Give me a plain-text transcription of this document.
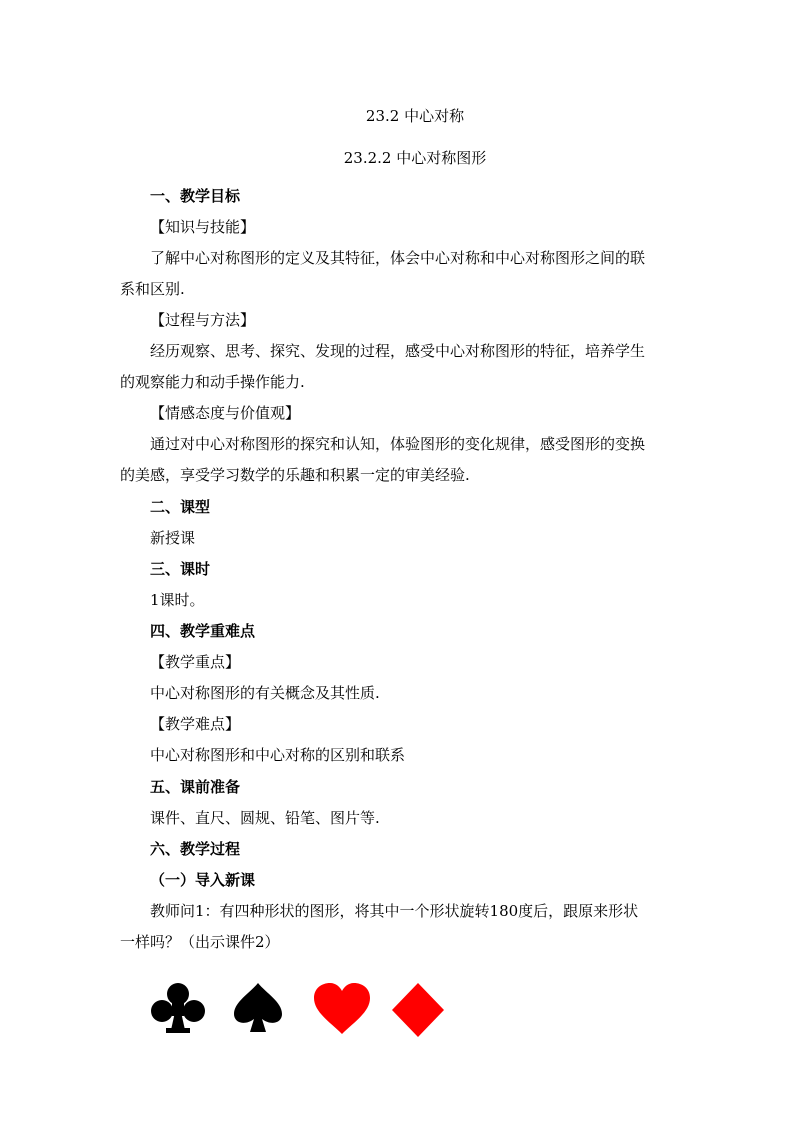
23.2 中心对称
23.2.2 中心对称图形
一、教学目标
【知识与技能】
了解中心对称图形的定义及其特征，体会中心对称和中心对称图形之间的联
系和区别.
【过程与方法】
经历观察、思考、探究、发现的过程，感受中心对称图形的特征，培养学生
的观察能力和动手操作能力.
【情感态度与价值观】
通过对中心对称图形的探究和认知，体验图形的变化规律，感受图形的变换
的美感，享受学习数学的乐趣和积累一定的审美经验.
二、课型
新授课
三、课时
1课时。
四、教学重难点
【教学重点】
中心对称图形的有关概念及其性质.
【教学难点】
中心对称图形和中心对称的区别和联系
五、课前准备
课件、直尺、圆规、铅笔、图片等.
六、教学过程
（一）导入新课
教师问1：有四种形状的图形，将其中一个形状旋转180度后，跟原来形状
一样吗？（出示课件2）
